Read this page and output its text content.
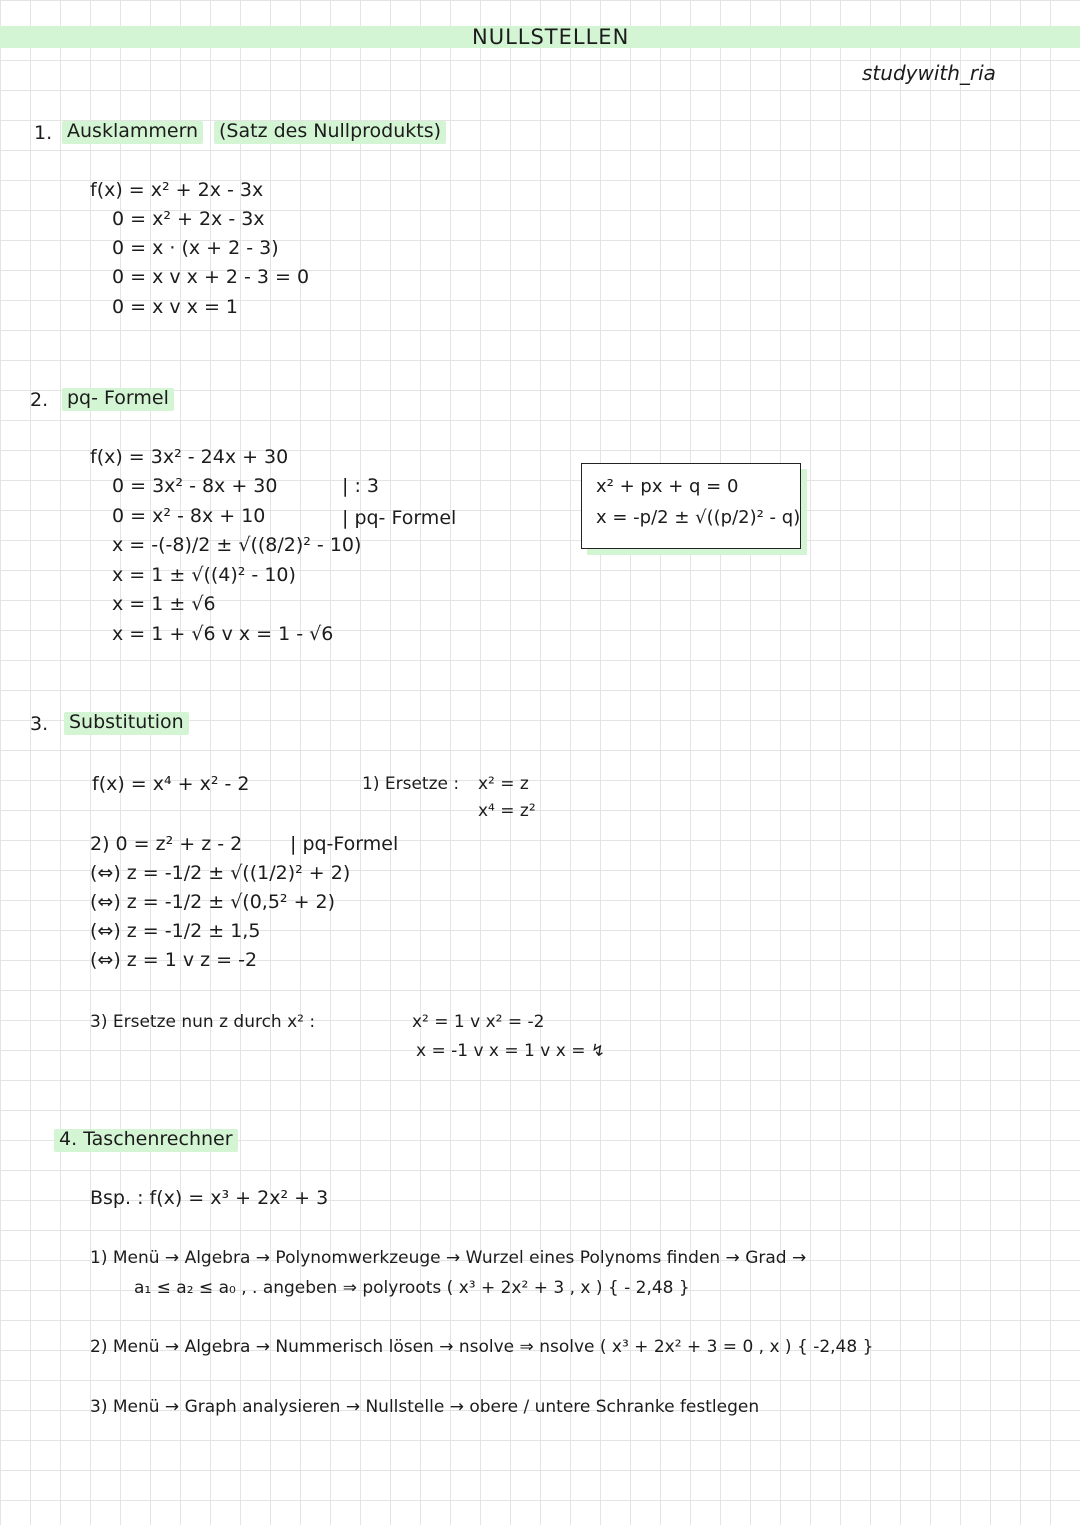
NULLSTELLEN
studywith_ria
1. Ausklammern (Satz des Nullprodukts)
f(x) = x² + 2x - 3x
0 = x² + 2x - 3x
0 = x · (x + 2 - 3)
0 = x v x + 2 - 3 = 0
0 = x v x = 1
2. pq- Formel
f(x) = 3x² - 24x + 30
0 = 3x² - 8x + 30
0 = x² - 8x + 10
x = -(-8)/2 ± √((8/2)² - 10)
x = 1 ± √((4)² - 10)
x = 1 ± √6
x = 1 + √6 v x = 1 - √6
| : 3
| pq- Formel
x² + px + q = 0
x = -p/2 ± √((p/2)² - q)
3. Substitution
f(x) = x⁴ + x² - 2	1) Ersetze : x² = z
x⁴ = z²
2) 0 = z² + z - 2
(⇔) z = -1/2 ± √((1/2)² + 2)
(⇔) z = -1/2 ± √(0,5² + 2)
(⇔) z = -1/2 ± 1,5
(⇔) z = 1 v z = -2
| pq-Formel
3) Ersetze nun z durch x² :	x² = 1 v x² = -2
x = -1 v x = 1 v x = ↯
4. Taschenrechner
Bsp. : f(x) = x³ + 2x² + 3
1) Menü → Algebra → Polynomwerkzeuge → Wurzel eines Polynoms finden → Grad →
a₁ ≤ a₂ ≤ a₀ , . angeben ⇒ polyroots ( x³ + 2x² + 3 , x ) { - 2,48 }
2) Menü → Algebra → Nummerisch lösen → nsolve ⇒ nsolve ( x³ + 2x² + 3 = 0 , x ) { -2,48 }
3) Menü → Graph analysieren → Nullstelle → obere / untere Schranke festlegen
